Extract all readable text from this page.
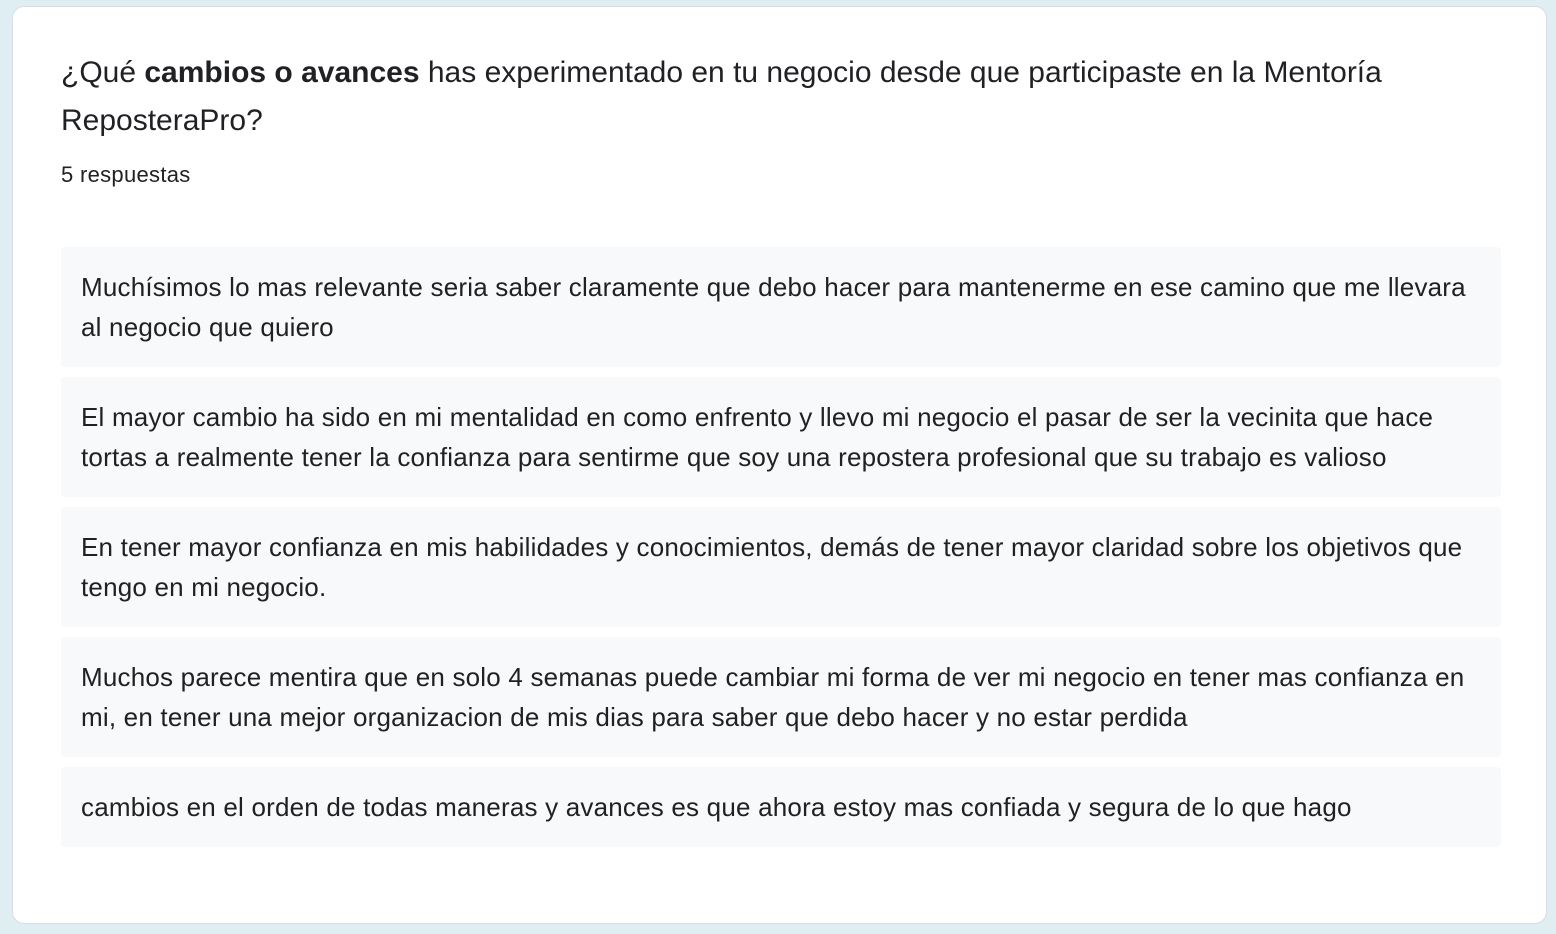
¿Qué cambios o avances has experimentado en tu negocio desde que participaste en la Mentoría ReposteraPro?
5 respuestas
Muchísimos lo mas relevante seria saber claramente que debo hacer para mantenerme en ese camino que me llevara al negocio que quiero
El mayor cambio ha sido en mi mentalidad en como enfrento y llevo mi negocio el pasar de ser la vecinita que hace tortas a realmente tener la confianza para sentirme que soy una repostera profesional que su trabajo es valioso
En tener mayor confianza en mis habilidades y conocimientos, demás de tener mayor claridad sobre los objetivos que tengo en mi negocio.
Muchos parece mentira que en solo 4 semanas puede cambiar mi forma de ver mi negocio en tener mas confianza en mi, en tener una mejor organizacion de mis dias para saber que debo hacer y no estar perdida
cambios en el orden de todas maneras y avances es que ahora estoy mas confiada y segura de lo que hago
